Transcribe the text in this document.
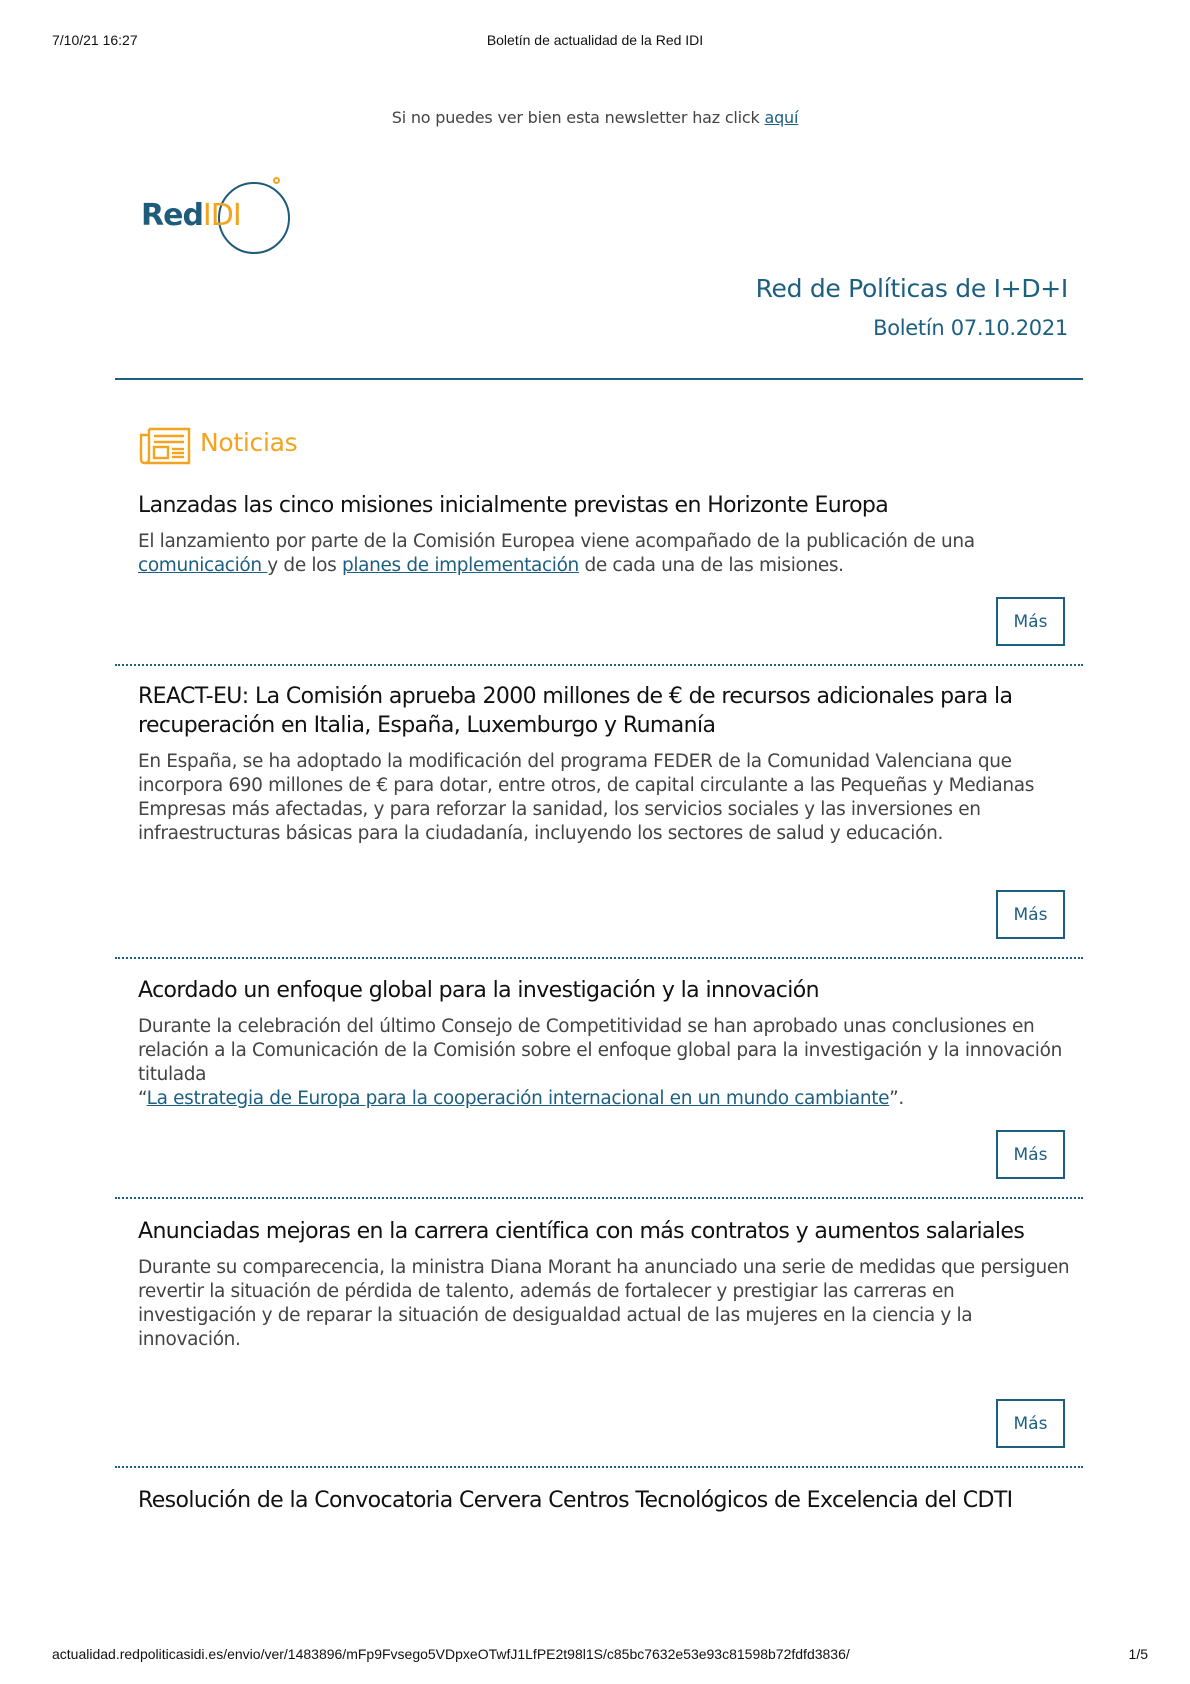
7/10/21 16:27	Boletín de actualidad de la Red IDI
Si no puedes ver bien esta newsletter haz click aquí
RedIDI
Red de Políticas de I+D+I
Boletín 07.10.2021
Noticias
Lanzadas las cinco misiones inicialmente previstas en Horizonte Europa

El lanzamiento por parte de la Comisión Europea viene acompañado de la publicación de una comunicación y de los planes de implementación de cada una de las misiones.

Más
REACT-EU: La Comisión aprueba 2000 millones de € de recursos adicionales para la recuperación en Italia, España, Luxemburgo y Rumanía

En España, se ha adoptado la modificación del programa FEDER de la Comunidad Valenciana que incorpora 690 millones de € para dotar, entre otros, de capital circulante a las Pequeñas y Medianas Empresas más afectadas, y para reforzar la sanidad, los servicios sociales y las inversiones en infraestructuras básicas para la ciudadanía, incluyendo los sectores de salud y educación.

Más
Acordado un enfoque global para la investigación y la innovación

Durante la celebración del último Consejo de Competitividad se han aprobado unas conclusiones en relación a la Comunicación de la Comisión sobre el enfoque global para la investigación y la innovación titulada
“La estrategia de Europa para la cooperación internacional en un mundo cambiante”.

Más
Anunciadas mejoras en la carrera científica con más contratos y aumentos salariales

Durante su comparecencia, la ministra Diana Morant ha anunciado una serie de medidas que persiguen revertir la situación de pérdida de talento, además de fortalecer y prestigiar las carreras en investigación y de reparar la situación de desigualdad actual de las mujeres en la ciencia y la innovación.

Más
Resolución de la Convocatoria Cervera Centros Tecnológicos de Excelencia del CDTI
actualidad.redpoliticasidi.es/envio/ver/1483896/mFp9Fvsego5VDpxeOTwfJ1LfPE2t98l1S/c85bc7632e53e93c81598b72fdfd3836/	1/5
